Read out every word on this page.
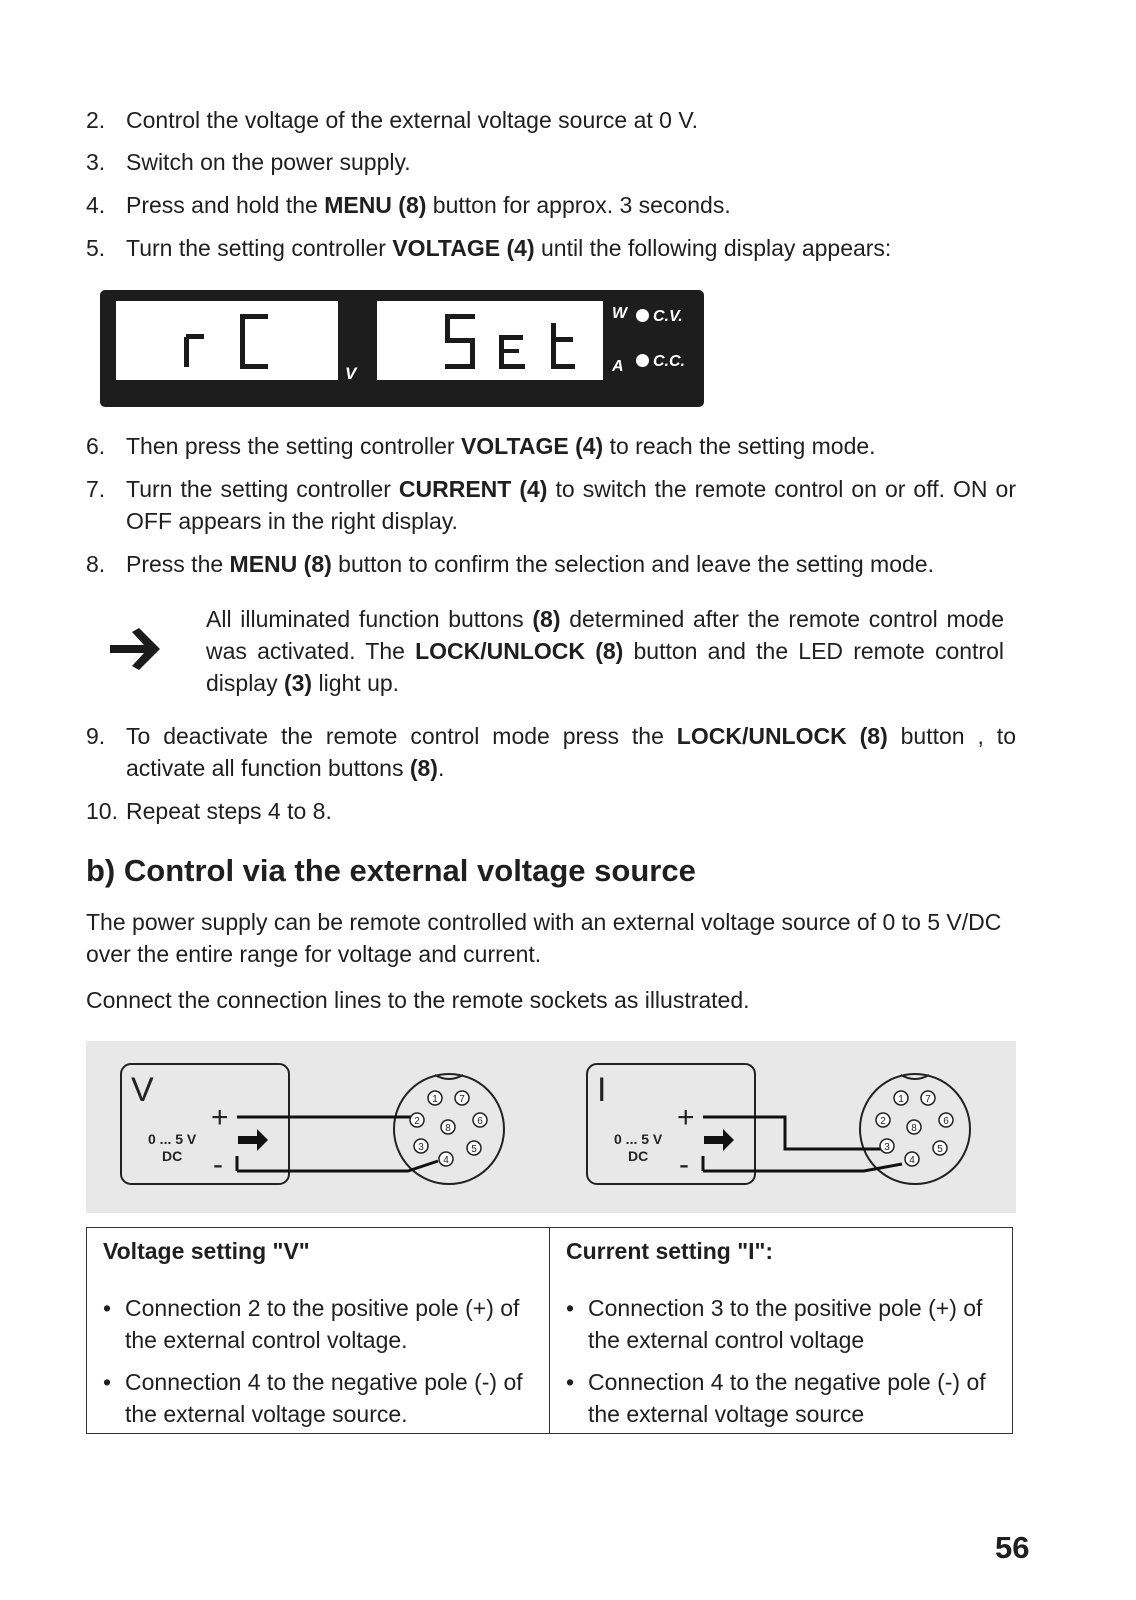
2. Control the voltage of the external voltage source at 0 V.
3. Switch on the power supply.
4. Press and hold the MENU (8) button for approx. 3 seconds.
5. Turn the setting controller VOLTAGE (4) until the following display appears:
V
W	C.V.
A	C.C.
6. Then press the setting controller VOLTAGE (4) to reach the setting mode.
7. Turn the setting controller CURRENT (4) to switch the remote control on or off. ON or OFF appears in the right display.
8. Press the MENU (8) button to confirm the selection and leave the setting mode.
All illuminated function buttons (8) determined after the remote control mode was activated. The LOCK/UNLOCK (8) button and the LED remote control display (3) light up.
9. To deactivate the remote control mode press the LOCK/UNLOCK (8) button , to activate all function buttons (8).
10. Repeat steps 4 to 8.
b) Control via the external voltage source
The power supply can be remote controlled with an external voltage source of 0 to 5 V/DC over the entire range for voltage and current.
Connect the connection lines to the remote sockets as illustrated.
1 7
2
8
6
3	5
4
1 7
2
8
6
3	5
4
V
0 ... 5 V
DC
+
-
I
0 ... 5 V
DC
+
-
Voltage setting "V"
• Connection 2 to the positive pole (+) of the external control voltage.
• Connection 4 to the negative pole (-) of the external voltage source.
Current setting "I":
• Connection 3 to the positive pole (+) of the external control voltage
• Connection 4 to the negative pole (-) of the external voltage source
56
